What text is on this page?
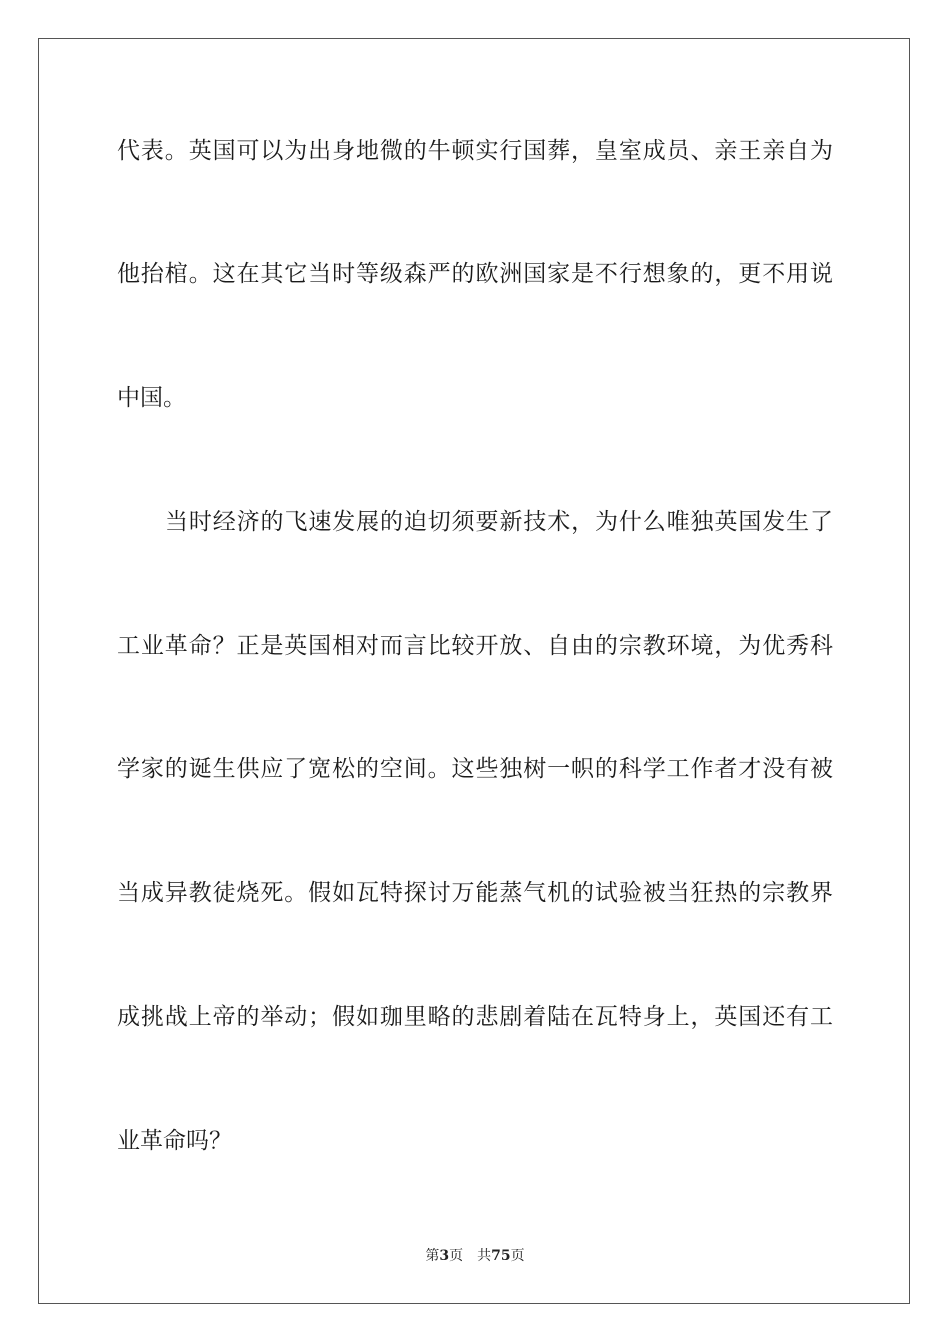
代表。英国可以为出身地微的牛顿实行国葬，皇室成员、亲王亲自为
他抬棺。这在其它当时等级森严的欧洲国家是不行想象的，更不用说
中国。
当时经济的飞速发展的迫切须要新技术，为什么唯独英国发生了
工业革命？正是英国相对而言比较开放、自由的宗教环境，为优秀科
学家的诞生供应了宽松的空间。这些独树一帜的科学工作者才没有被
当成异教徒烧死。假如瓦特探讨万能蒸气机的试验被当狂热的宗教界
成挑战上帝的举动；假如珈里略的悲剧着陆在瓦特身上，英国还有工
业革命吗？
第3页 共75页
